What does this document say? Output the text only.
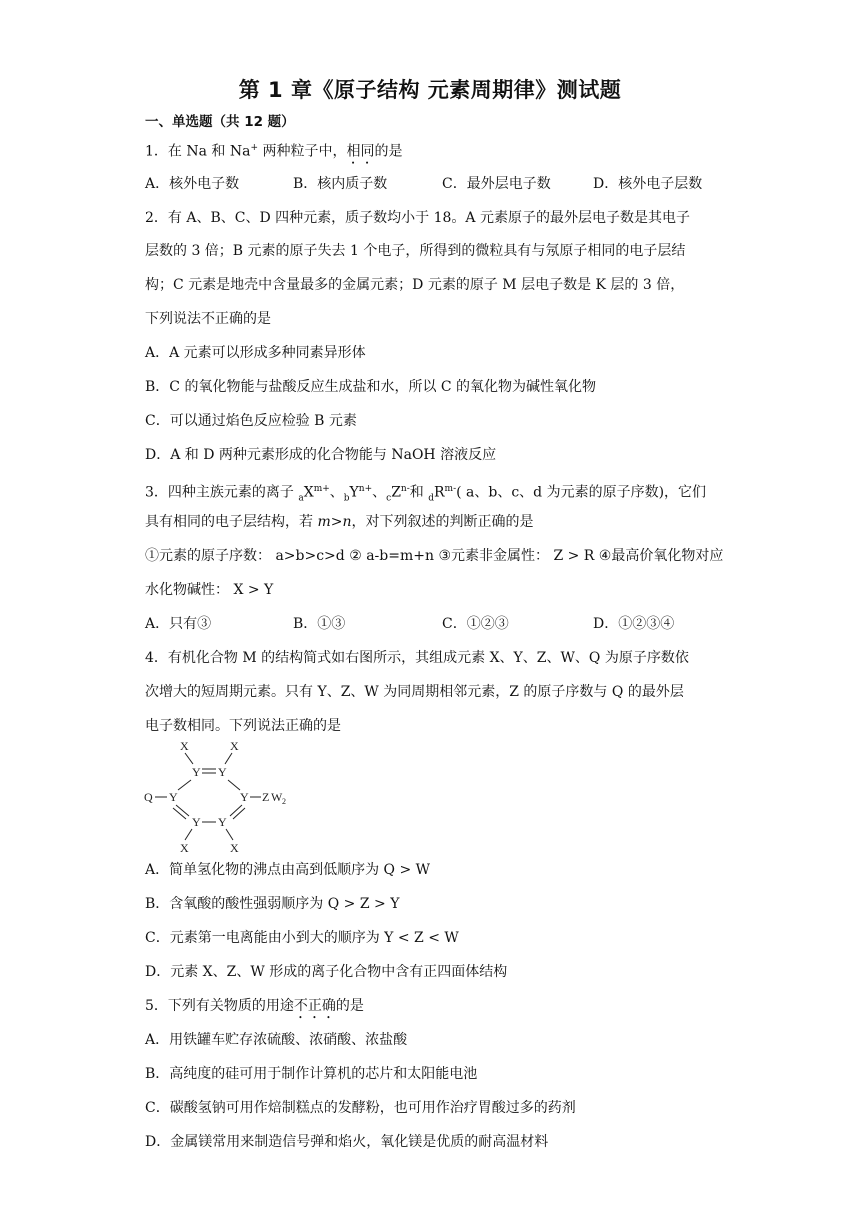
第 1 章《原子结构 元素周期律》测试题
一、单选题（共 12 题）
1．在 Na 和 Na+ 两种粒子中，相同的是
A．核外电子数	B．核内质子数	C．最外层电子数	D．核外电子层数
2．有 A、B、C、D 四种元素，质子数均小于 18。A 元素原子的最外层电子数是其电子
层数的 3 倍；B 元素的原子失去 1 个电子，所得到的微粒具有与氖原子相同的电子层结
构；C 元素是地壳中含量最多的金属元素；D 元素的原子 M 层电子数是 K 层的 3 倍，
下列说法不正确的是
A．A 元素可以形成多种同素异形体
B．C 的氧化物能与盐酸反应生成盐和水，所以 C 的氧化物为碱性氧化物
C．可以通过焰色反应检验 B 元素
D．A 和 D 两种元素形成的化合物能与 NaOH 溶液反应
3．四种主族元素的离子 $_aX^{m+}$、$_bY^{n+}$、$_cZ^{n-}$和 $_dR^{m-}$( a、b、c、d 为元素的原子序数)，它们
具有相同的电子层结构，若 m>n，对下列叙述的判断正确的是
①元素的原子序数： a>b>c>d ② a-b=m+n ③元素非金属性： Z > R ④最高价氧化物对应
水化物碱性： X > Y
A．只有③	B．①③	C．①②③	D．①②③④
4．有机化合物 M 的结构简式如右图所示，其组成元素 X、Y、Z、W、Q 为原子序数依
次增大的短周期元素。只有 Y、Z、W 为同周期相邻元素，Z 的原子序数与 Q 的最外层
电子数相同。下列说法正确的是
X	X
Y Y
Q Y	Y Z W 2
Y Y
X	X
A．简单氢化物的沸点由高到低顺序为 Q > W
B．含氧酸的酸性强弱顺序为 Q > Z > Y
C．元素第一电离能由小到大的顺序为 Y < Z < W
D．元素 X、Z、W 形成的离子化合物中含有正四面体结构
5．下列有关物质的用途不正确的是
A．用铁罐车贮存浓硫酸、浓硝酸、浓盐酸
B．高纯度的硅可用于制作计算机的芯片和太阳能电池
C．碳酸氢钠可用作焙制糕点的发酵粉，也可用作治疗胃酸过多的药剂
D．金属镁常用来制造信号弹和焰火，氧化镁是优质的耐高温材料
